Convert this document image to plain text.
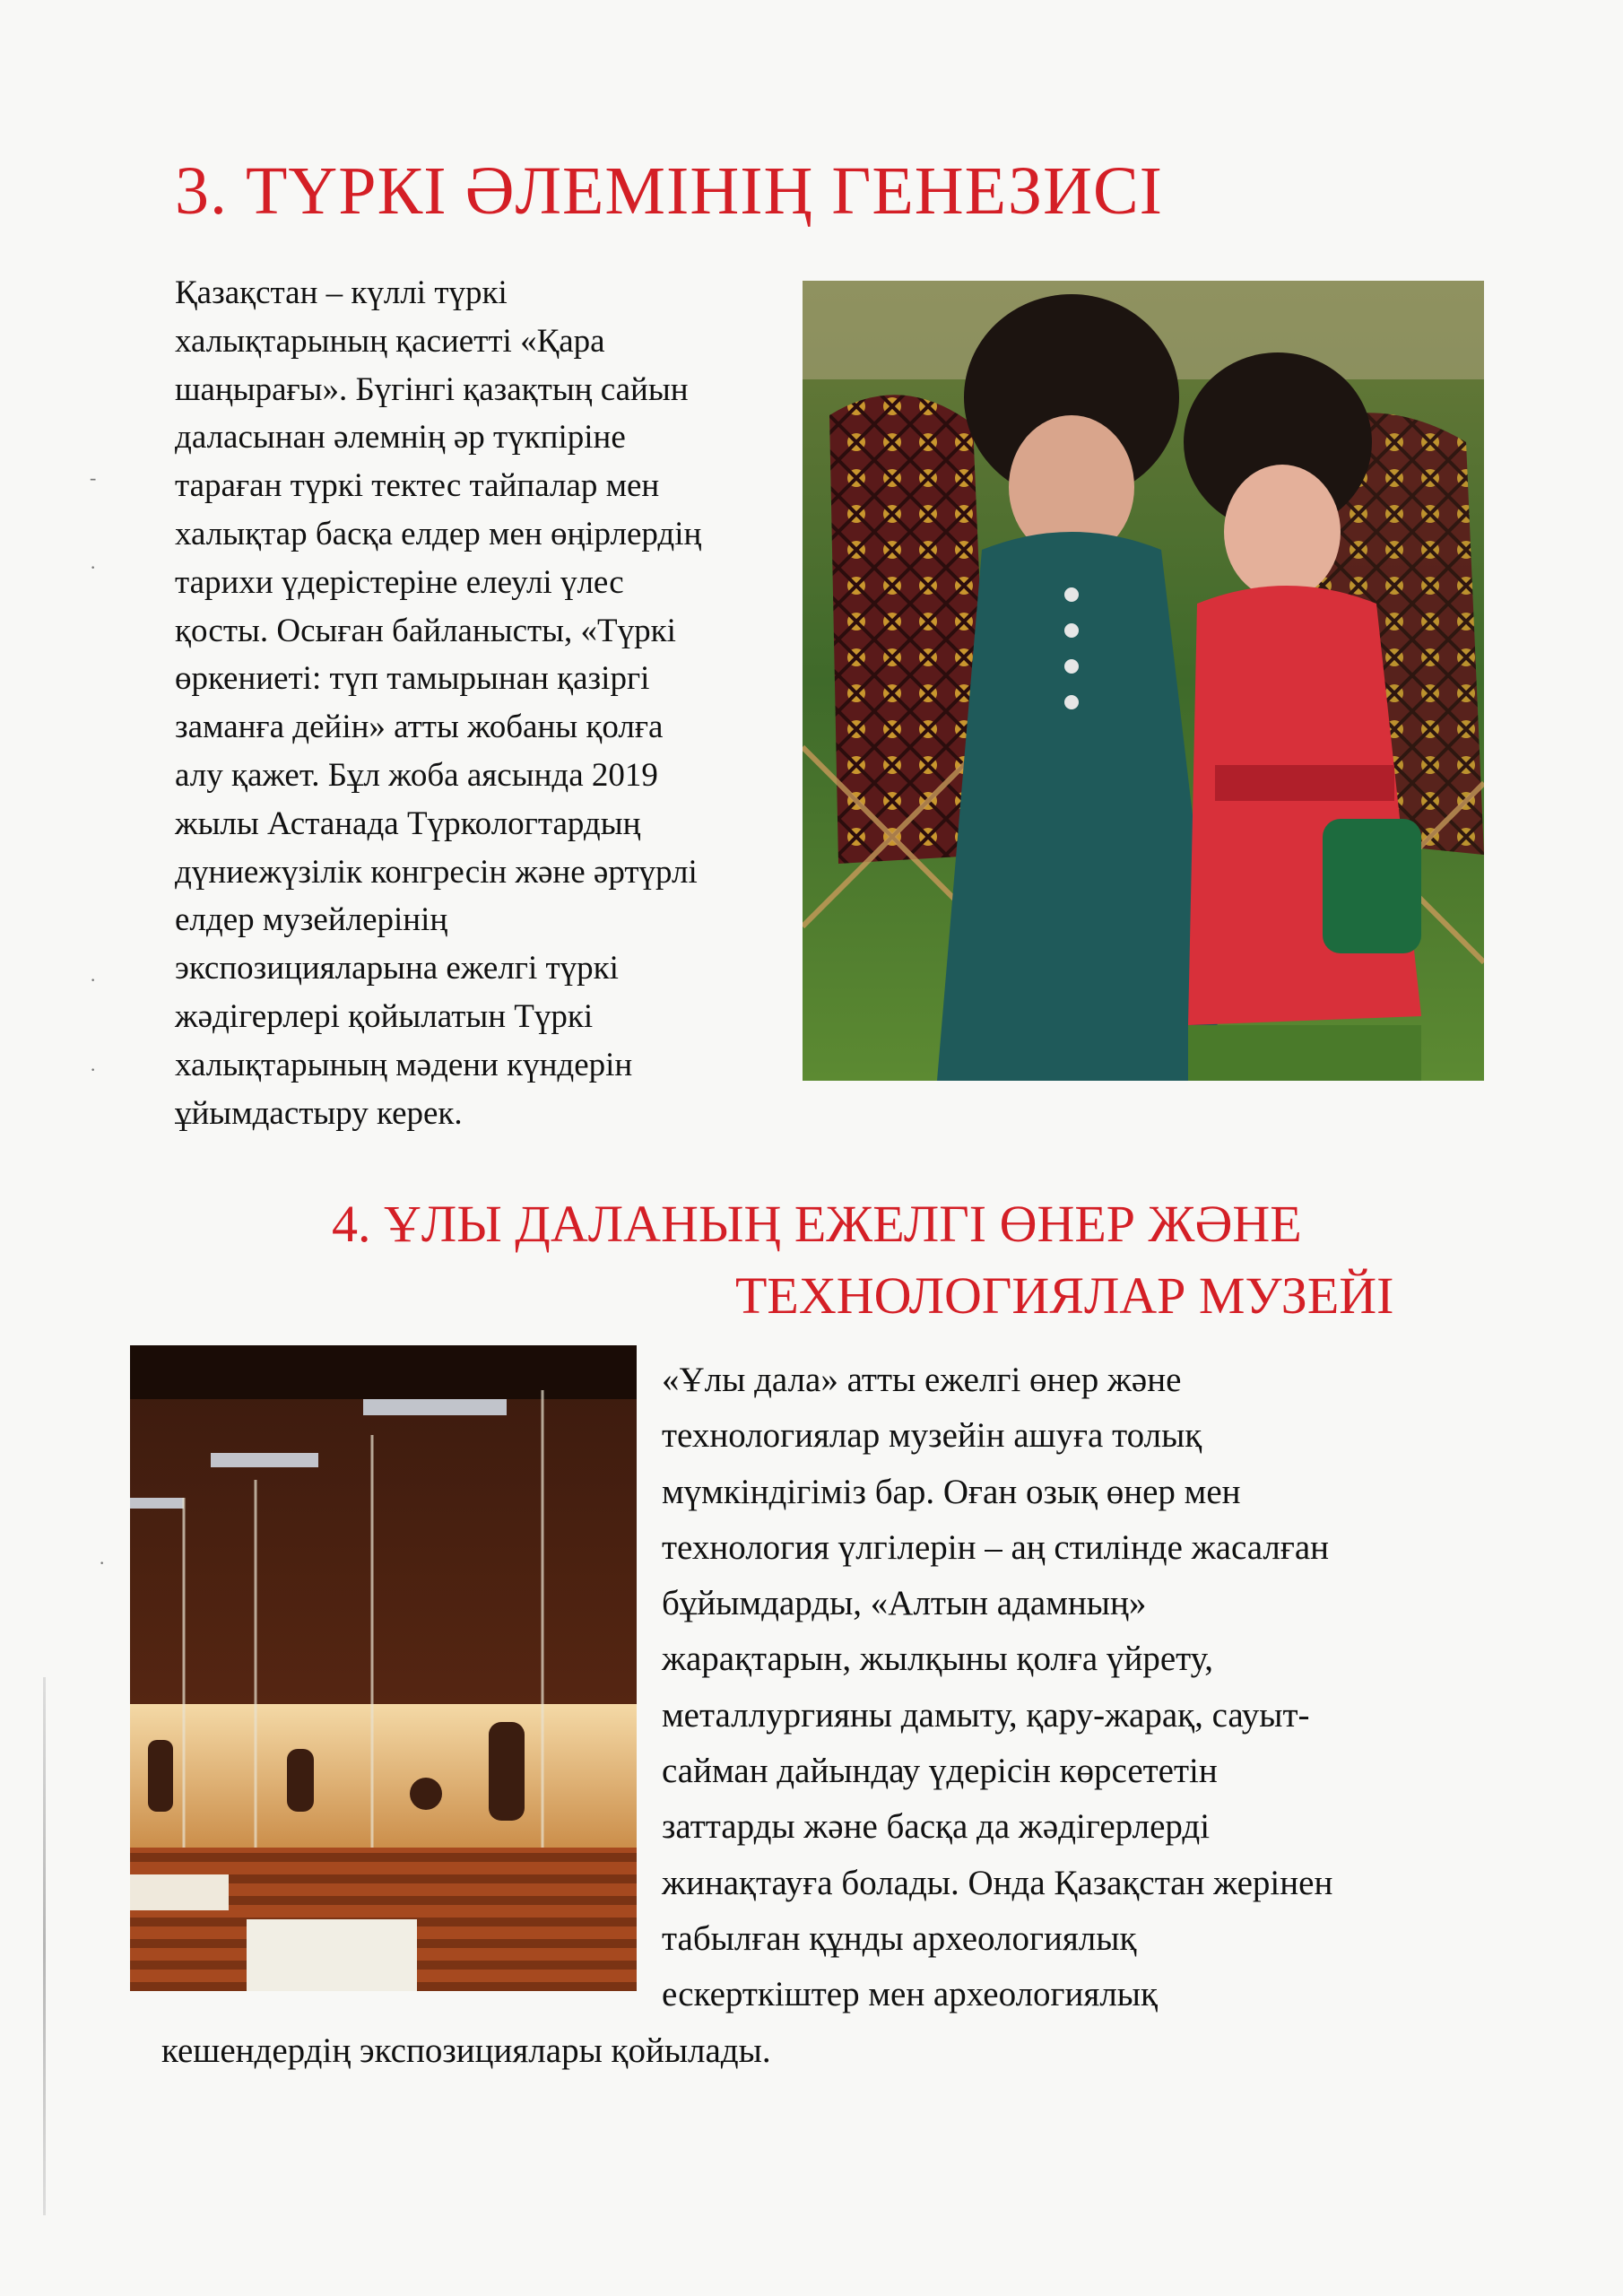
3. ТҮРКІ ӘЛЕМІНІҢ ГЕНЕЗИСІ

Қазақстан – күллі түркі
халықтарының қасиетті «Қара
шаңырағы». Бүгінгі қазақтың сайын
даласынан әлемнің әр түкпіріне
тараған түркі тектес тайпалар мен
халықтар басқа елдер мен өңірлердің
тарихи үдерістеріне елеулі үлес
қосты. Осыған байланысты, «Түркі
өркениеті: түп тамырынан қазіргі
заманға дейін» атты жобаны қолға
алу қажет. Бұл жоба аясында 2019
жылы Астанада Түркологтардың
дүниежүзілік конгресін және әртүрлі
елдер музейлерінің
экспозицияларына ежелгі түркі
жәдігерлері қойылатын Түркі
халықтарының мәдени күндерін
ұйымдастыру керек.

4. ҰЛЫ ДАЛАНЫҢ ЕЖЕЛГІ ӨНЕР ЖӘНЕ
ТЕХНОЛОГИЯЛАР МУЗЕЙІ

«Ұлы дала» атты ежелгі өнер және
технологиялар музейін ашуға толық
мүмкіндігіміз бар. Оған озық өнер мен
технология үлгілерін – аң стилінде жасалған
бұйымдарды, «Алтын адамның»
жарақтарын, жылқыны қолға үйрету,
металлургияны дамыту, қару-жарақ, сауыт-
сайман дайындау үдерісін көрсететін
заттарды және басқа да жәдігерлерді
жинақтауға болады. Онда Қазақстан жерінен
табылған құнды археологиялық
ескерткіштер мен археологиялық

кешендердің экспозициялары қойылады.

-
·
·
·
·
